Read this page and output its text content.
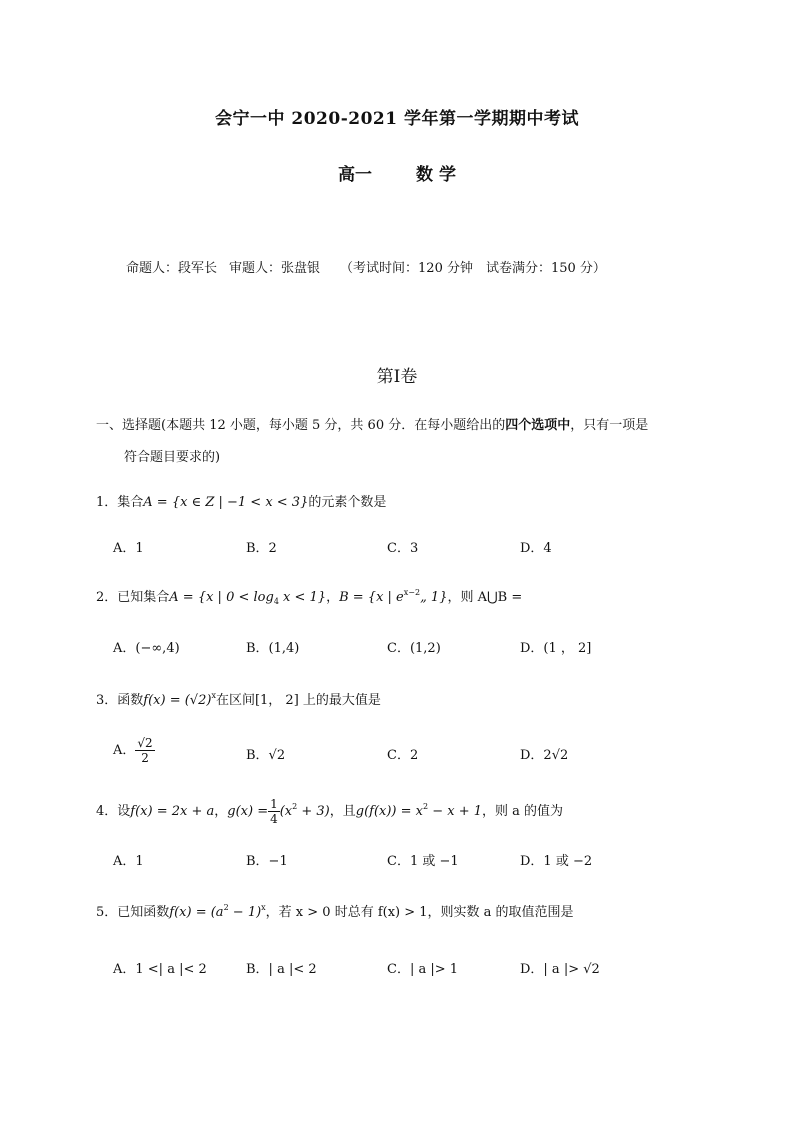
会宁一中 2020-2021 学年第一学期期中考试
高一	数 学
命题人：段军长 审题人：张盘银 （考试时间：120 分钟　试卷满分：150 分）
第Ⅰ卷
一、选择题(本题共 12 小题，每小题 5 分，共 60 分．在每小题给出的四个选项中，只有一项是
符合题目要求的)
1．集合A = {x ∈ Z | −1 < x < 3}的元素个数是
A．1	B．2	C．3	D．4
2．已知集合A = {x | $0 < \log_4 x < 1$}，B = {x | $e^{x-2}„$ 1}，则 A⋃B =
A．(−∞,4)	B．(1,4)	C．(1,2)	D．(1 ， 2]
3．函数$f(x) = (√2)^x$在区间[1， 2] 上的最大值是
A． $\frac{√2}{2}$	B．√2	C．2	D．2√2
4．设f(x) = 2x + a，$g(x) = \frac{1}{4} (x^2 + 3)$，且$g(f(x)) = x^2 - x + 1$，则 a 的值为
A．1	B．−1	C．1 或 −1	D．1 或 −2
5．已知函数$f(x) = (a^2 - 1)^x$，若 x > 0 时总有 f(x) > 1，则实数 a 的取值范围是
A．1 <| a |< 2	B．| a |< 2	C．| a |> 1	D．| a |> √2
